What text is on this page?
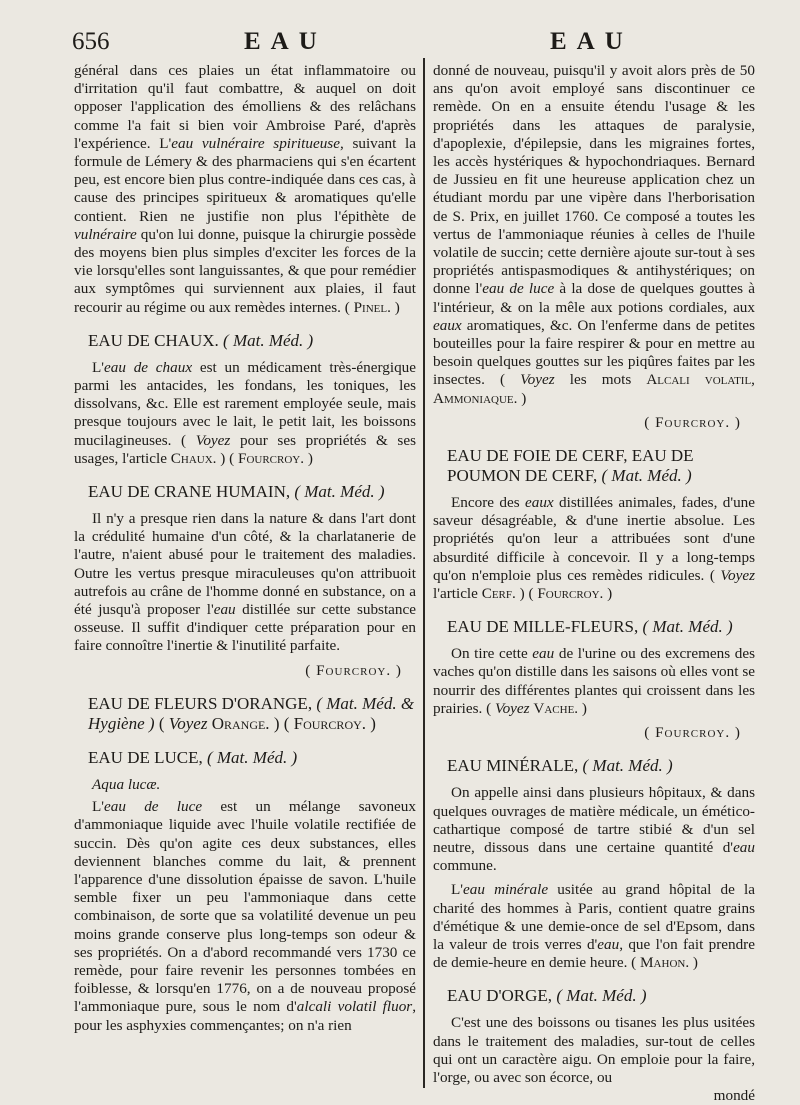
656	EAU	EAU

général dans ces plaies un état inflammatoire ou d'irritation qu'il faut combattre, & auquel on doit opposer l'application des émolliens & des relâchans comme l'a fait si bien voir Ambroise Paré, d'après l'expérience. L'eau vulnéraire spiritueuse, suivant la formule de Lémery & des pharmaciens qui s'en écartent peu, est encore bien plus contre-indiquée dans ces cas, à cause des principes spiritueux & aromatiques qu'elle contient. Rien ne justifie non plus l'épithète de vulnéraire qu'on lui donne, puisque la chirurgie possède des moyens bien plus simples d'exciter les forces de la vie lorsqu'elles sont languissantes, & que pour remédier aux symptômes qui surviennent aux plaies, il faut recourir au régime ou aux remèdes internes. ( Pinel. )

EAU DE CHAUX. ( Mat. Méd. )

L'eau de chaux est un médicament très-énergique parmi les antacides, les fondans, les toniques, les dissolvans, &c. Elle est rarement employée seule, mais presque toujours avec le lait, le petit lait, les boissons mucilagineuses. ( Voyez pour ses propriétés & ses usages, l'article Chaux. ) ( Fourcroy. )

EAU DE CRANE HUMAIN, ( Mat. Méd. )

Il n'y a presque rien dans la nature & dans l'art dont la crédulité humaine d'un côté, & la charlatanerie de l'autre, n'aient abusé pour le traitement des maladies. Outre les vertus presque miraculeuses qu'on attribuoit autrefois au crâne de l'homme donné en substance, on a été jusqu'à proposer l'eau distillée sur cette substance osseuse. Il suffit d'indiquer cette préparation pour en faire connoître l'inertie & l'inutilité parfaite.

( Fourcroy. )
EAU DE FLEURS D'ORANGE, ( Mat. Méd. & Hygiène ) ( Voyez Orange. ) ( Fourcroy. )
EAU DE LUCE, ( Mat. Méd. )

Aqua lucæ.

L'eau de luce est un mélange savoneux d'ammoniaque liquide avec l'huile volatile rectifiée de succin. Dès qu'on agite ces deux substances, elles deviennent blanches comme du lait, & prennent l'apparence d'une dissolution épaisse de savon. L'huile semble fixer un peu l'ammoniaque dans cette combinaison, de sorte que sa volatilité devenue un peu moins grande conserve plus long-temps son odeur & ses propriétés. On a d'abord recommandé vers 1730 ce remède, pour faire revenir les personnes tombées en foiblesse, & lorsqu'en 1776, on a de nouveau proposé l'ammoniaque pure, sous le nom d'alcali volatil fluor, pour les asphyxies commençantes; on n'a rien

donné de nouveau, puisqu'il y avoit alors près de 50 ans qu'on avoit employé sans discontinuer ce remède. On en a ensuite étendu l'usage & les propriétés dans les attaques de paralysie, d'apoplexie, d'épilepsie, dans les migraines fortes, les accès hystériques & hypochondriaques. Bernard de Jussieu en fit une heureuse application chez un étudiant mordu par une vipère dans l'herborisation de S. Prix, en juillet 1760. Ce composé a toutes les vertus de l'ammoniaque réunies à celles de l'huile volatile de succin; cette dernière ajoute sur-tout à ses propriétés antispasmodiques & antihystériques; on donne l'eau de luce à la dose de quelques gouttes à l'intérieur, & on la mêle aux potions cordiales, aux eaux aromatiques, &c. On l'enferme dans de petites bouteilles pour la faire respirer & pour en mettre au besoin quelques gouttes sur les piqûres faites par les insectes. ( Voyez les mots Alcali volatil, Ammoniaque. )

( Fourcroy. )
EAU DE FOIE DE CERF, EAU DE POUMON DE CERF, ( Mat. Méd. )

Encore des eaux distillées animales, fades, d'une saveur désagréable, & d'une inertie absolue. Les propriétés qu'on leur a attribuées sont d'une absurdité difficile à concevoir. Il y a long-temps qu'on n'emploie plus ces remèdes ridicules. ( Voyez l'article Cerf. ) ( Fourcroy. )

EAU DE MILLE-FLEURS, ( Mat. Méd. )

On tire cette eau de l'urine ou des excremens des vaches qu'on distille dans les saisons où elles vont se nourrir des différentes plantes qui croissent dans les prairies. ( Voyez Vache. )

( Fourcroy. )
EAU MINÉRALE, ( Mat. Méd. )

On appelle ainsi dans plusieurs hôpitaux, & dans quelques ouvrages de matière médicale, un émético-cathartique composé de tartre stibié & d'un sel neutre, dissous dans une certaine quantité d'eau commune.

L'eau minérale usitée au grand hôpital de la charité des hommes à Paris, contient quatre grains d'émétique & une demie-once de sel d'Epsom, dans la valeur de trois verres d'eau, que l'on fait prendre de demie-heure en demie heure. ( Mahon. )

EAU D'ORGE, ( Mat. Méd. )

C'est une des boissons ou tisanes les plus usitées dans le traitement des maladies, sur-tout de celles qui ont un caractère aigu. On emploie pour la faire, l'orge, ou avec son écorce, ou

mondé
